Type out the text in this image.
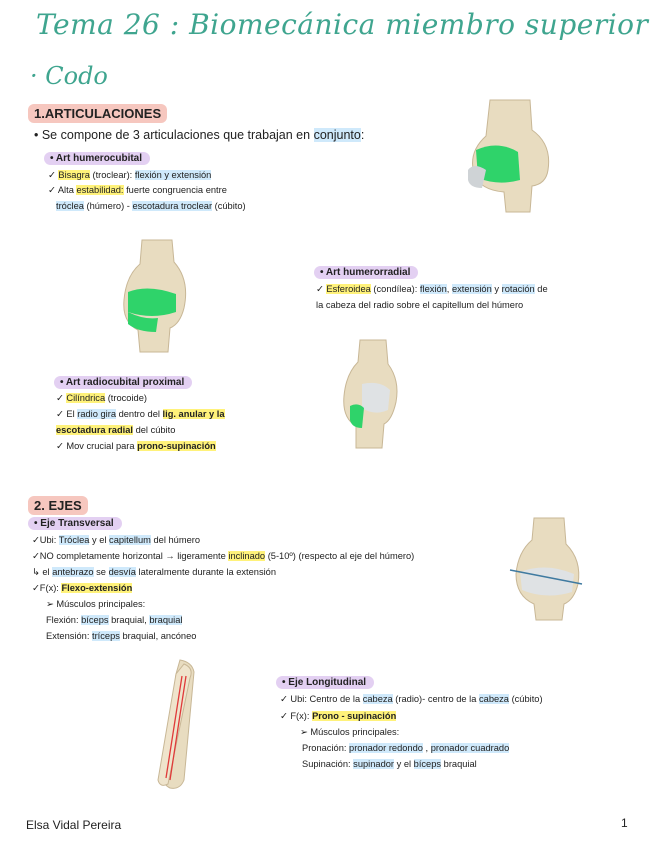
Tema 26 : Biomecánica miembro superior
· Codo
1.ARTICULACIONES
• Se compone de 3 articulaciones que trabajan en conjunto:
• Art humerocubital
✓ Bisagra (troclear): flexión y extensión
✓ Alta estabilidad: fuerte congruencia entre
tróclea (húmero) - escotadura troclear (cúbito)
• Art humerorradial
✓ Esferoidea (condílea): flexión, extensión y rotación de
la cabeza del radio sobre el capitellum del húmero
• Art radiocubital proximal
✓ Cilíndrica (trocoide)
✓ El radio gira dentro del lig. anular y la
escotadura radial del cúbito
✓ Mov crucial para prono-supinación
2. EJES
• Eje Transversal
✓Ubi: Tróclea y el capitellum del húmero
✓NO completamente horizontal → ligeramente inclinado (5-10º) (respecto al eje del húmero)
↳ el antebrazo se desvía lateralmente durante la extensión
✓F(x): Flexo-extensión
➢ Músculos principales:
Flexión: bíceps braquial, braquial
Extensión: tríceps braquial, ancóneo
• Eje Longitudinal
✓ Ubi: Centro de la cabeza (radio)- centro de la cabeza (cúbito)
✓ F(x): Prono - supinación
➢ Músculos principales:
Pronación: pronador redondo , pronador cuadrado
Supinación: supinador y el bíceps braquial
Elsa Vidal Pereira	1
